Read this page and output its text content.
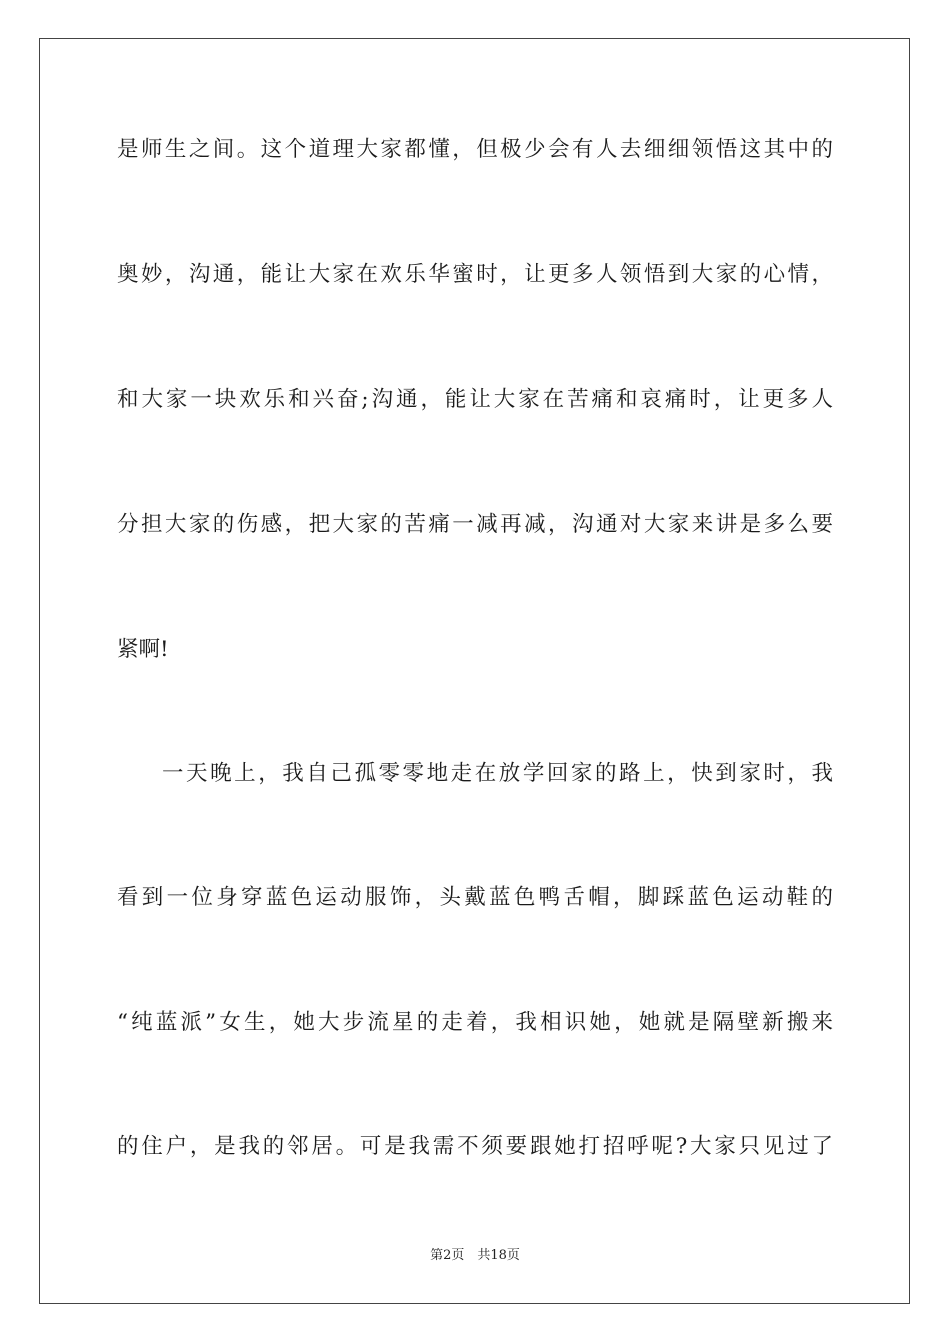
是师生之间。这个道理大家都懂，但极少会有人去细细领悟这其中的
奥妙，沟通，能让大家在欢乐华蜜时，让更多人领悟到大家的心情，
和大家一块欢乐和兴奋;沟通，能让大家在苦痛和哀痛时，让更多人
分担大家的伤感，把大家的苦痛一减再减，沟通对大家来讲是多么要
紧啊!
一天晚上，我自己孤零零地走在放学回家的路上，快到家时，我
看到一位身穿蓝色运动服饰，头戴蓝色鸭舌帽，脚踩蓝色运动鞋的
“纯蓝派”女生，她大步流星的走着，我相识她，她就是隔壁新搬来
的住户，是我的邻居。可是我需不须要跟她打招呼呢?大家只见过了
第2页　共18页
